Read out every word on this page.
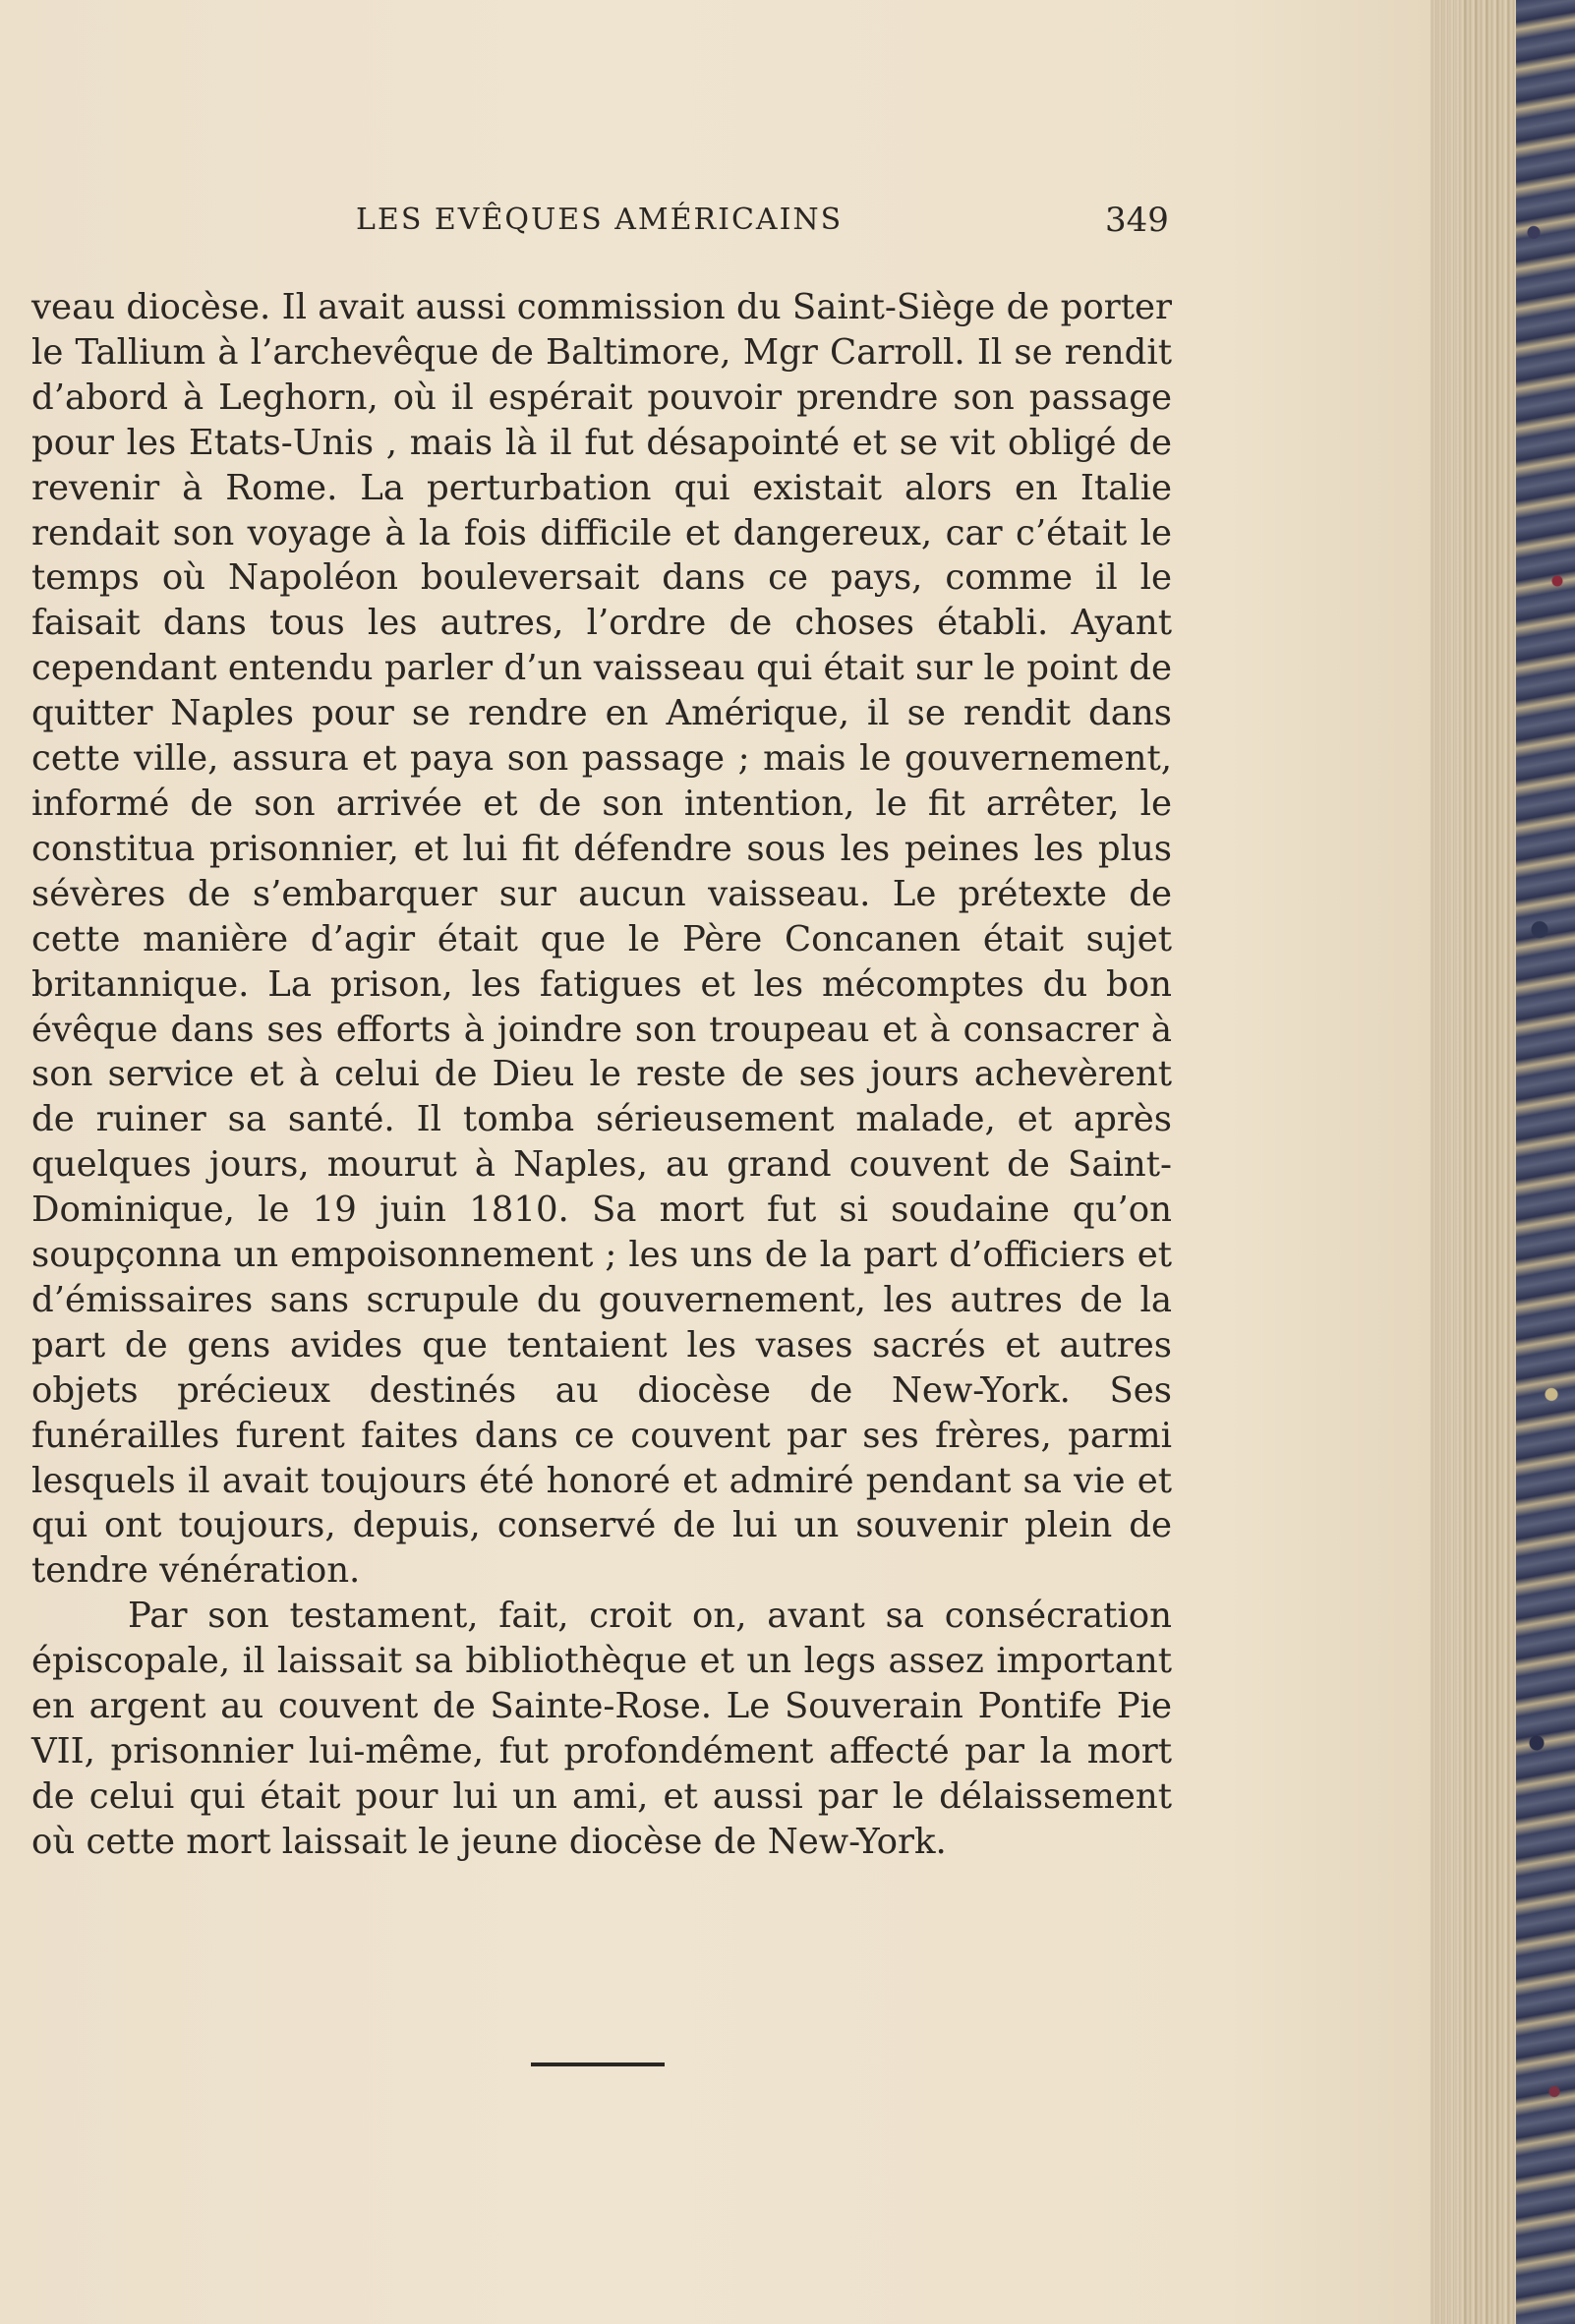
LES EVÊQUES AMÉRICAINS	349

veau diocèse. Il avait aussi commission du Saint-Siège de porter le Tallium à l’archevêque de Baltimore, Mgr Carroll. Il se rendit d’abord à Leghorn, où il espérait pouvoir prendre son passage pour les Etats-Unis , mais là il fut désapointé et se vit obligé de revenir à Rome. La perturbation qui existait alors en Italie rendait son voyage à la fois difficile et dangereux, car c’était le temps où Napoléon bouleversait dans ce pays, comme il le faisait dans tous les autres, l’ordre de choses établi. Ayant cependant entendu parler d’un vaisseau qui était sur le point de quitter Naples pour se rendre en Amérique, il se rendit dans cette ville, assura et paya son passage ; mais le gouvernement, informé de son arrivée et de son intention, le fit arrêter, le constitua prisonnier, et lui fit défendre sous les peines les plus sévères de s’embarquer sur aucun vaisseau. Le prétexte de cette manière d’agir était que le Père Concanen était sujet britannique. La prison, les fatigues et les mécomptes du bon évêque dans ses efforts à joindre son troupeau et à consacrer à son service et à celui de Dieu le reste de ses jours achevèrent de ruiner sa santé. Il tomba sérieusement malade, et après quelques jours, mourut à Naples, au grand couvent de Saint-Dominique, le 19 juin 1810. Sa mort fut si soudaine qu’on soupçonna un empoisonnement ; les uns de la part d’officiers et d’émissaires sans scrupule du gouvernement, les autres de la part de gens avides que tentaient les vases sacrés et autres objets précieux destinés au diocèse de New-York. Ses funérailles furent faites dans ce couvent par ses frères, parmi lesquels il avait toujours été honoré et admiré pendant sa vie et qui ont toujours, depuis, conservé de lui un souvenir plein de tendre vénération.

Par son testament, fait, croit on, avant sa consécration épiscopale, il laissait sa bibliothèque et un legs assez important en argent au couvent de Sainte-Rose. Le Souverain Pontife Pie VII, prisonnier lui-même, fut profondément affecté par la mort de celui qui était pour lui un ami, et aussi par le délaissement où cette mort laissait le jeune diocèse de New-York.
